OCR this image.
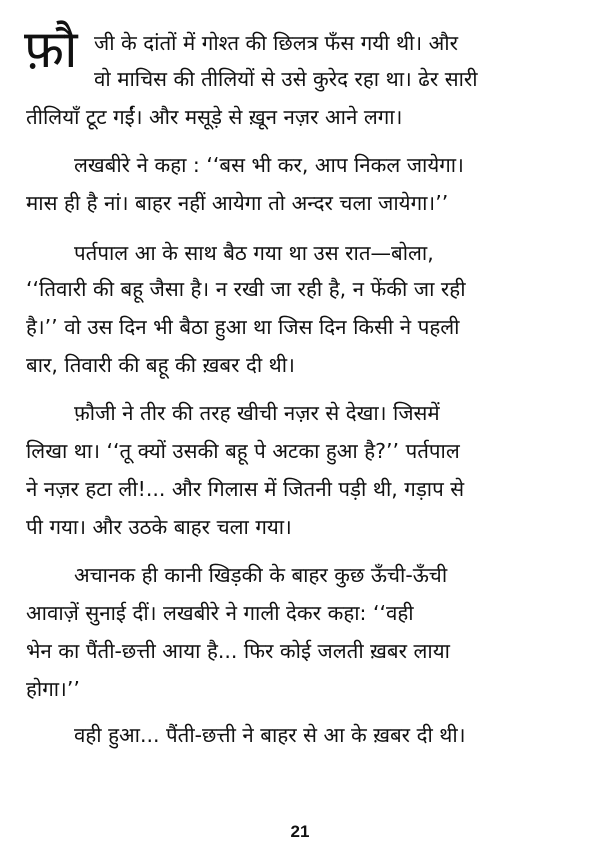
फ़ौ जी के दांतों में गोश्त की छिलत्र फँस गयी थी। और
वो माचिस की तीलियों से उसे कुरेद रहा था। ढेर सारी
तीलियाँ टूट गईं। और मसूड़े से ख़ून नज़र आने लगा।
लखबीरे ने कहा : ‘‘बस भी कर, आप निकल जायेगा।
मास ही है नां। बाहर नहीं आयेगा तो अन्दर चला जायेगा।’’
पर्तपाल आ के साथ बैठ गया था उस रात—बोला,
‘‘तिवारी की बहू जैसा है। न रखी जा रही है, न फेंकी जा रही
है।’’ वो उस दिन भी बैठा हुआ था जिस दिन किसी ने पहली
बार, तिवारी की बहू की ख़बर दी थी।
फ़ौजी ने तीर की तरह खीची नज़र से देखा। जिसमें
लिखा था। ‘‘तू क्यों उसकी बहू पे अटका हुआ है?’’ पर्तपाल
ने नज़र हटा ली!... और गिलास में जितनी पड़ी थी, गड़ाप से
पी गया। और उठके बाहर चला गया।
अचानक ही कानी खिड़की के बाहर कुछ ऊँची-ऊँची
आवाज़ें सुनाई दीं। लखबीरे ने गाली देकर कहा: ‘‘वही
भेन का पैंती-छत्ती आया है... फिर कोई जलती ख़बर लाया
होगा।’’
वही हुआ... पैंती-छत्ती ने बाहर से आ के ख़बर दी थी।
21
